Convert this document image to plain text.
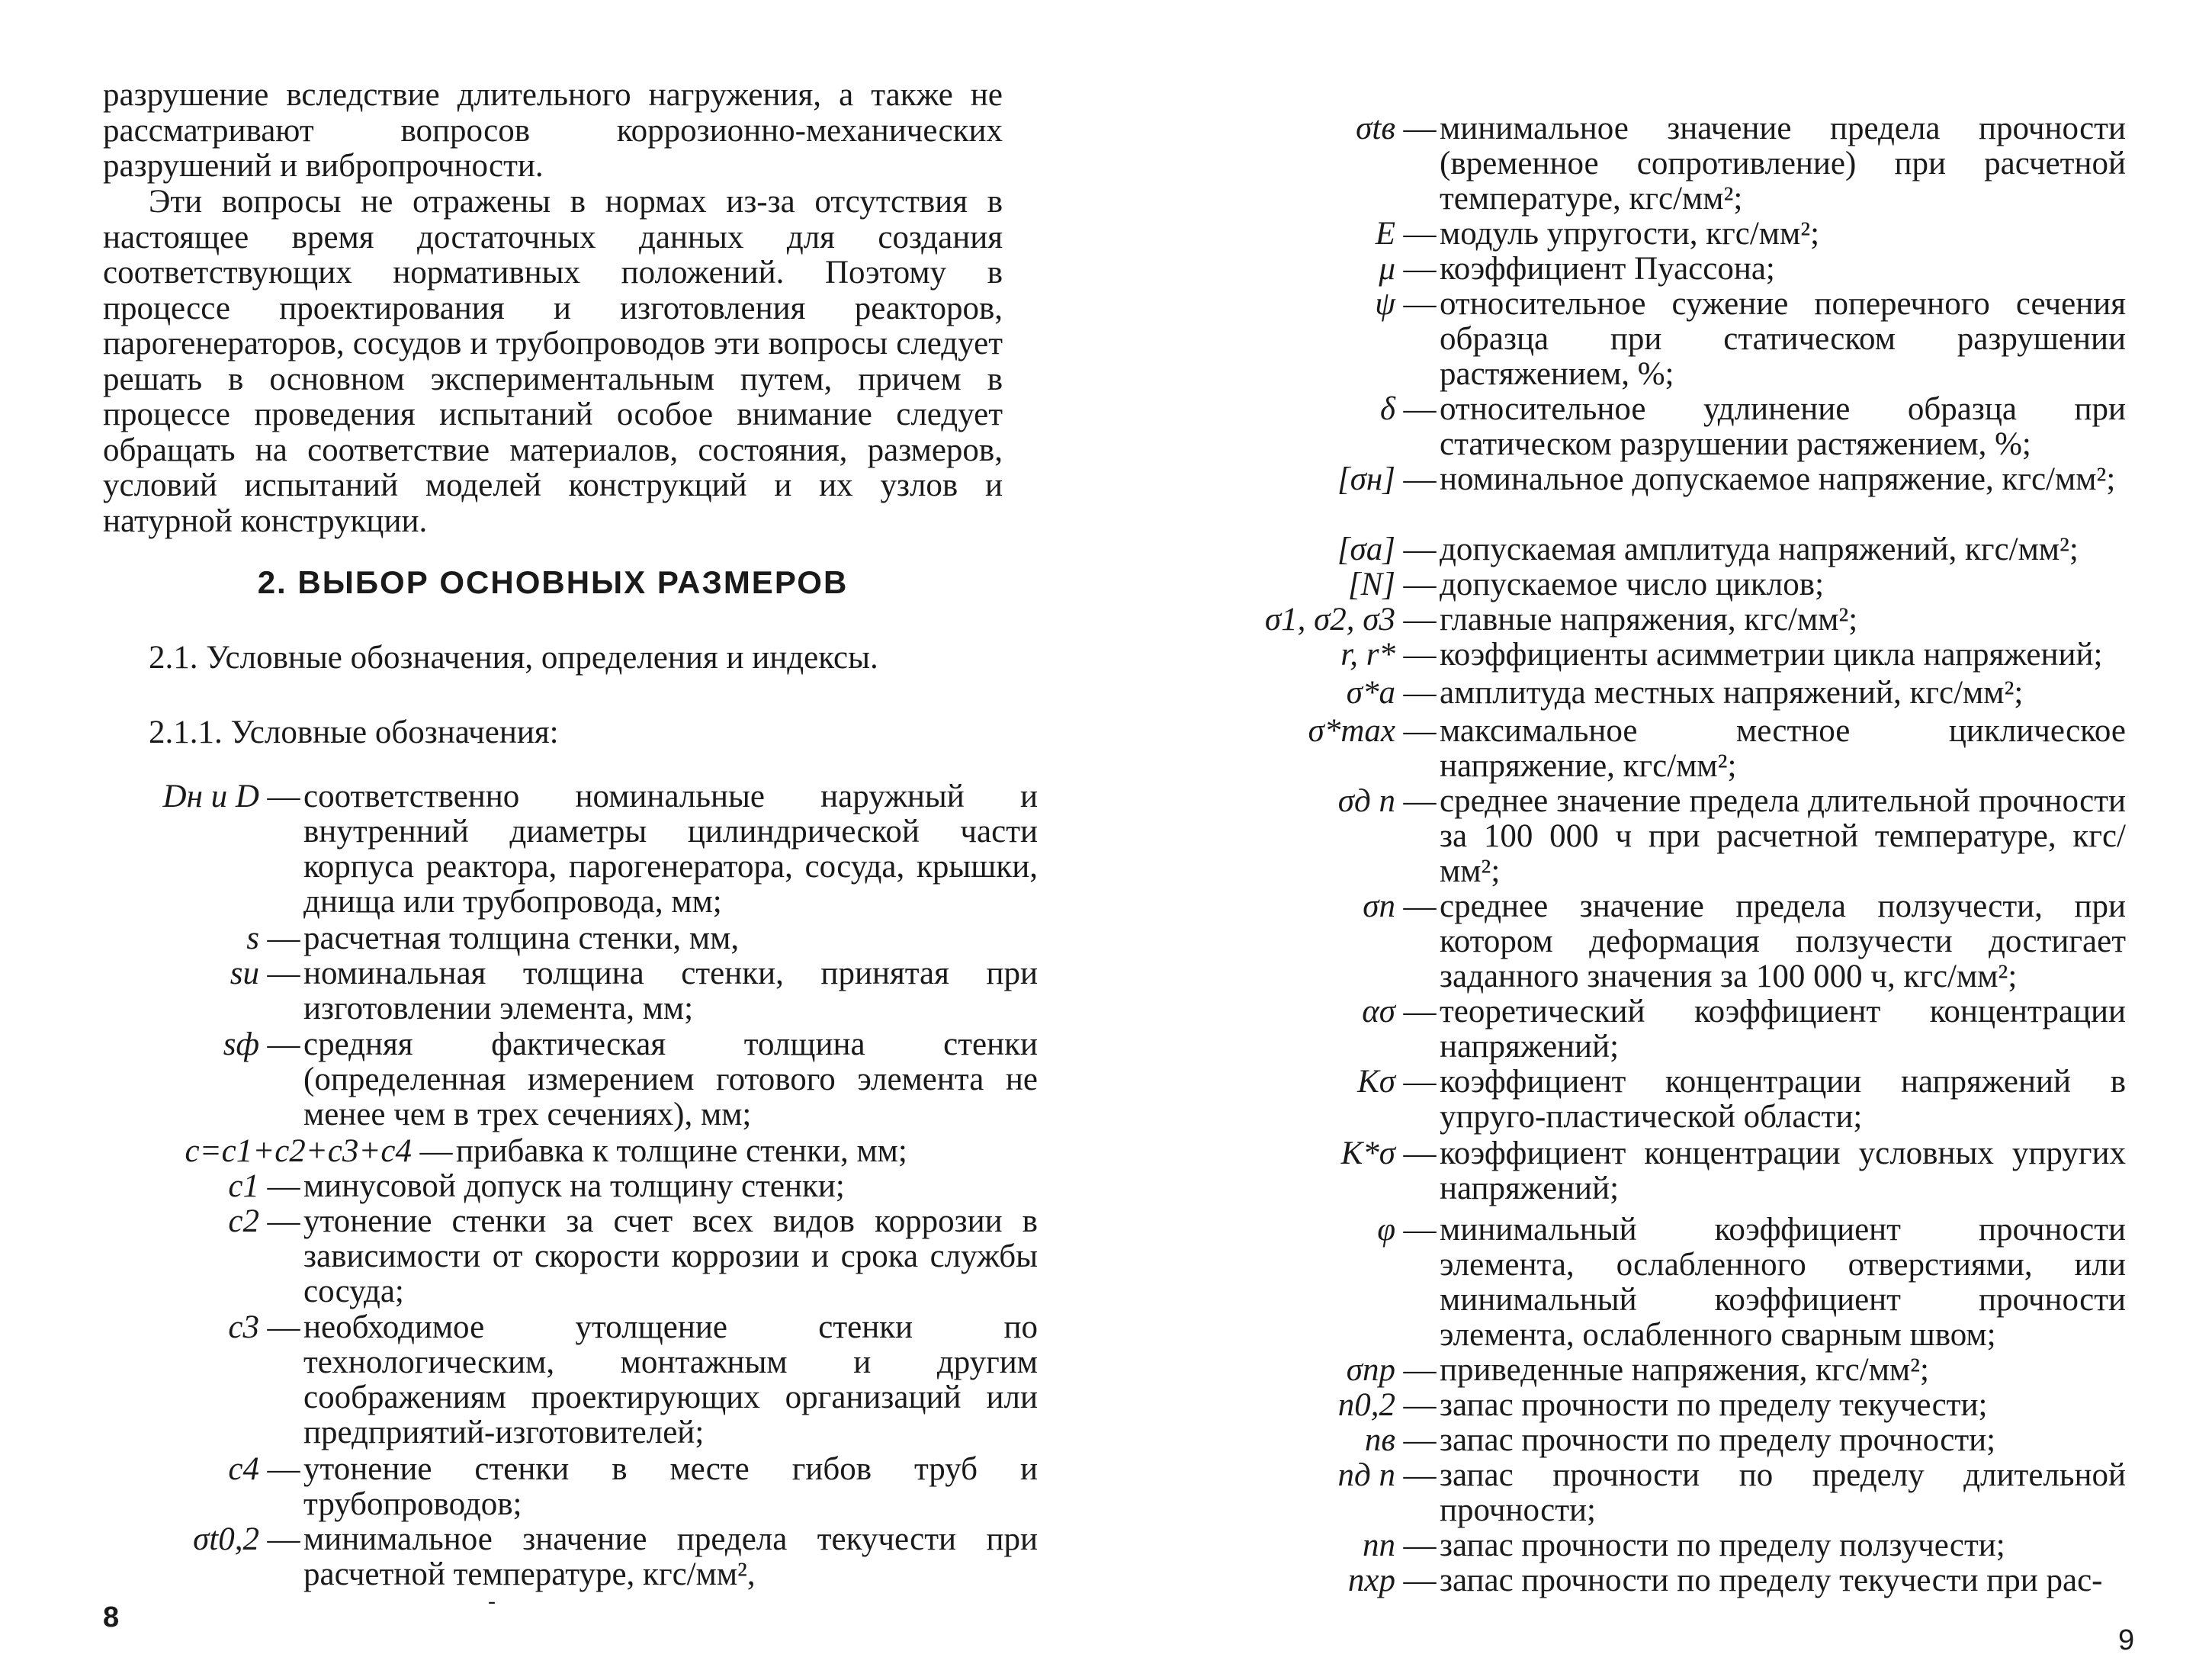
разрушение вследствие длительного нагружения, а также не рассматривают вопросов коррозионно-механических разрушений и вибропрочности.

Эти вопросы не отражены в нормах из-за отсутствия в настоящее время достаточных данных для создания соответствующих нормативных положений. Поэтому в процессе проектирования и изготовления реакторов, парогенераторов, сосудов и трубопроводов эти вопросы следует решать в основном экспериментальным путем, причем в процессе проведения испытаний особое внимание следует обращать на соответствие материалов, состояния, размеров, условий испытаний моделей конструкций и их узлов и натурной конструкции.

2. ВЫБОР ОСНОВНЫХ РАЗМЕРОВ

2.1. Условные обозначения, определения и индексы.

2.1.1. Условные обозначения:

Dн и D — соответственно номинальные наружный и внутренний диаметры цилиндрической части корпуса реактора, парогенератора, сосуда, крышки, днища или трубопровода, мм;
s — расчетная толщина стенки, мм,
sи — номинальная толщина стенки, принятая при изготовлении элемента, мм;
sф — средняя фактическая толщина стенки (определенная измерением готового элемента не менее чем в трех сечениях), мм;
c=c1+c2+c3+c4 — прибавка к толщине стенки, мм;
c1 — минусовой допуск на толщину стенки;
c2 — утонение стенки за счет всех видов коррозии в зависимости от скорости коррозии и срока службы сосуда;
c3 — необходимое утолщение стенки по технологическим, монтажным и другим соображениям проектирующих организаций или предприятий-изготовителей;
c4 — утонение стенки в месте гибов труб и трубопроводов;
σt0,2 — минимальное значение предела текучести при расчетной температуре, кгс/мм²,
-
8
σtв — минимальное значение предела прочности (временное сопротивление) при расчетной температуре, кгс/мм²;
E — модуль упругости, кгс/мм²;
μ — коэффициент Пуассона;
ψ — относительное сужение поперечного сечения образца при статическом разрушении растяжением, %;
δ — относительное удлинение образца при статическом разрушении растяжением, %;
[σн] — номинальное допускаемое напряжение, кгс/мм²;
[σа] — допускаемая амплитуда напряжений, кгс/мм²;
[N] — допускаемое число циклов;
σ1, σ2, σ3 — главные напряжения, кгс/мм²;
r, r* — коэффициенты асимметрии цикла напряжений;
σ*а — амплитуда местных напряжений, кгс/мм²;
σ*max — максимальное местное циклическое напряжение, кгс/мм²;
σд п — среднее значение предела длительной прочности за 100 000 ч при расчетной температуре, кгс/мм²;
σп — среднее значение предела ползучести, при котором деформация ползучести достигает заданного значения за 100 000 ч, кгс/мм²;
ασ — теоретический коэффициент концентрации напряжений;
Kσ — коэффициент концентрации напряжений в упруго-пластической области;
K*σ — коэффициент концентрации условных упругих напряжений;
φ — минимальный коэффициент прочности элемента, ослабленного отверстиями, или минимальный коэффициент прочности элемента, ослабленного сварным швом;
σпр — приведенные напряжения, кгс/мм²;
n0,2 — запас прочности по пределу текучести;
nв — запас прочности по пределу прочности;
nд п — запас прочности по пределу длительной прочности;
nп — запас прочности по пределу ползучести;
nхр — запас прочности по пределу текучести при рас-
9
